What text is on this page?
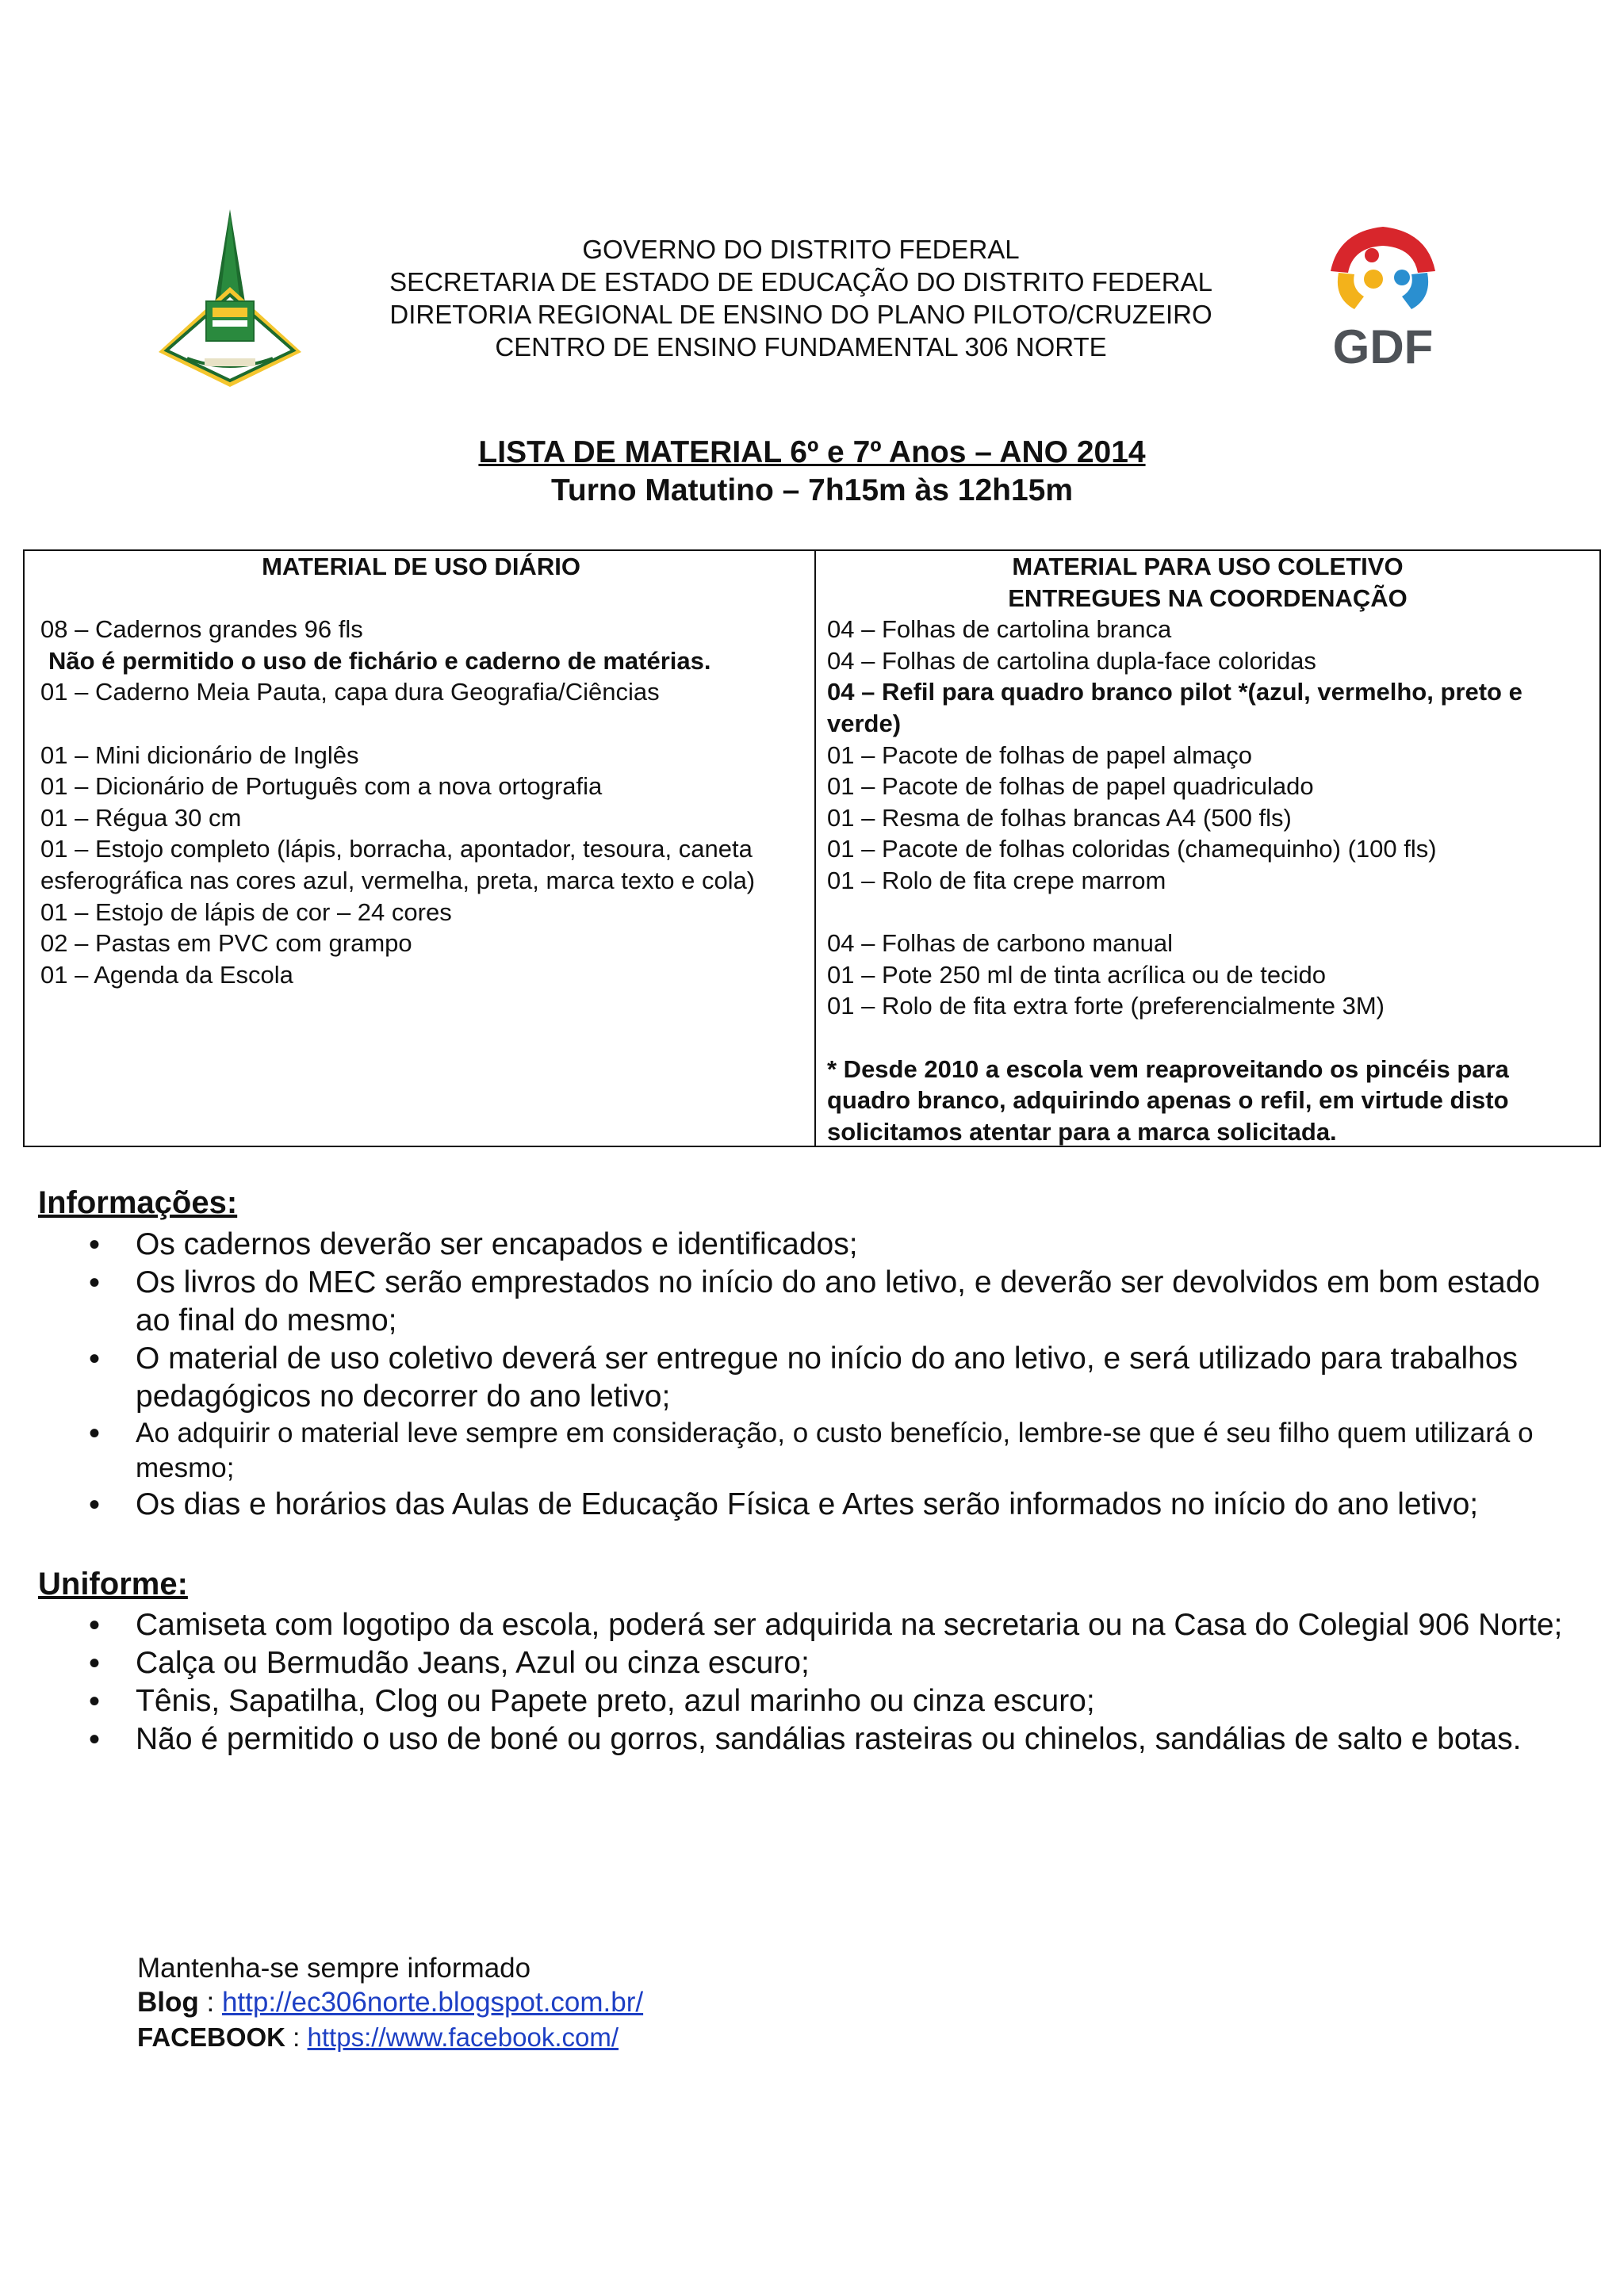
GDF
GOVERNO DO DISTRITO FEDERAL
SECRETARIA DE ESTADO DE EDUCAÇÃO DO DISTRITO FEDERAL
DIRETORIA REGIONAL DE ENSINO DO PLANO PILOTO/CRUZEIRO
CENTRO DE ENSINO FUNDAMENTAL 306 NORTE
LISTA DE MATERIAL 6º e 7º Anos – ANO 2014
Turno Matutino – 7h15m às 12h15m
MATERIAL DE USO DIÁRIO
08 – Cadernos grandes 96 fls
Não é permitido o uso de fichário e caderno de matérias.
01 – Caderno Meia Pauta, capa dura Geografia/Ciências
01 – Mini dicionário de Inglês
01 – Dicionário de Português com a nova ortografia
01 – Régua 30 cm
01 – Estojo completo (lápis, borracha, apontador, tesoura, caneta esferográfica nas cores azul, vermelha, preta, marca texto e cola)
01 – Estojo de lápis de cor – 24 cores
02 – Pastas em PVC com grampo
01 – Agenda da Escola
MATERIAL PARA USO COLETIVO
ENTREGUES NA COORDENAÇÃO
04 – Folhas de cartolina branca
04 – Folhas de cartolina dupla-face coloridas
04 – Refil para quadro branco pilot *(azul, vermelho, preto e verde)
01 – Pacote de folhas de papel almaço
01 – Pacote de folhas de papel quadriculado
01 – Resma de folhas brancas A4 (500 fls)
01 – Pacote de folhas coloridas (chamequinho) (100 fls)
01 – Rolo de fita crepe marrom
04 – Folhas de carbono manual
01 – Pote 250 ml de tinta acrílica ou de tecido
01 – Rolo de fita extra forte (preferencialmente 3M)
* Desde 2010 a escola vem reaproveitando os pincéis para quadro branco, adquirindo apenas o refil, em virtude disto solicitamos atentar para a marca solicitada.
Informações:
• Os cadernos deverão ser encapados e identificados;
• Os livros do MEC serão emprestados no início do ano letivo, e deverão ser devolvidos em bom estado ao final do mesmo;
• O material de uso coletivo deverá ser entregue no início do ano letivo, e será utilizado para trabalhos pedagógicos no decorrer do ano letivo;
• Ao adquirir o material leve sempre em consideração, o custo benefício, lembre-se que é seu filho quem utilizará o mesmo;
• Os dias e horários das Aulas de Educação Física e Artes serão informados no início do ano letivo;
Uniforme:
• Camiseta com logotipo da escola, poderá ser adquirida na secretaria ou na Casa do Colegial 906 Norte;
• Calça ou Bermudão Jeans, Azul ou cinza escuro;
• Tênis, Sapatilha, Clog ou Papete preto, azul marinho ou cinza escuro;
• Não é permitido o uso de boné ou gorros, sandálias rasteiras ou chinelos, sandálias de salto e botas.
Mantenha-se sempre informado
Blog : http://ec306norte.blogspot.com.br/
FACEBOOK : https://www.facebook.com/
